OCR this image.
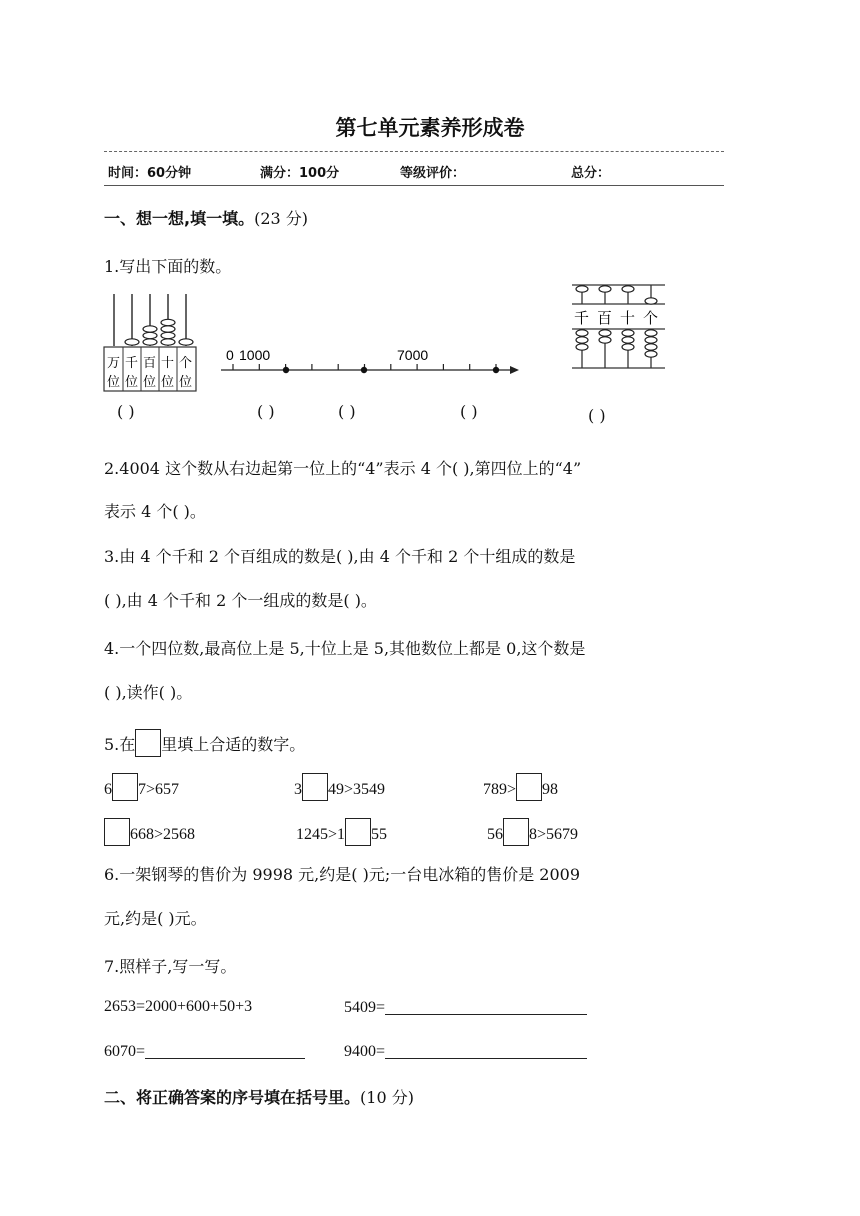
第七单元素养形成卷
时间：60分钟	满分：100分	等级评价：	总分：
一、想一想,填一填。(23 分)
1.写出下面的数。
万 千 百 十 个
位 位 位 位 位
( )
0 1000	7000
( )	( )	( )
千 百 十 个
( )
2.4004 这个数从右边起第一位上的“4”表示 4 个( ),第四位上的“4”
表示 4 个( )。
3.由 4 个千和 2 个百组成的数是( ),由 4 个千和 2 个十组成的数是
( ),由 4 个千和 2 个一组成的数是( )。
4.一个四位数,最高位上是 5,十位上是 5,其他数位上都是 0,这个数是
( ),读作( )。
5.在 里填上合适的数字。
6 7>657	3 49>3549	789> 98
668>2568	1245>1 55	56 8>5679
6.一架钢琴的售价为 9998 元,约是( )元;一台电冰箱的售价是 2009
元,约是( )元。
7.照样子,写一写。
2653=2000+600+50+3	5409=
6070=	9400=
二、将正确答案的序号填在括号里。(10 分)
